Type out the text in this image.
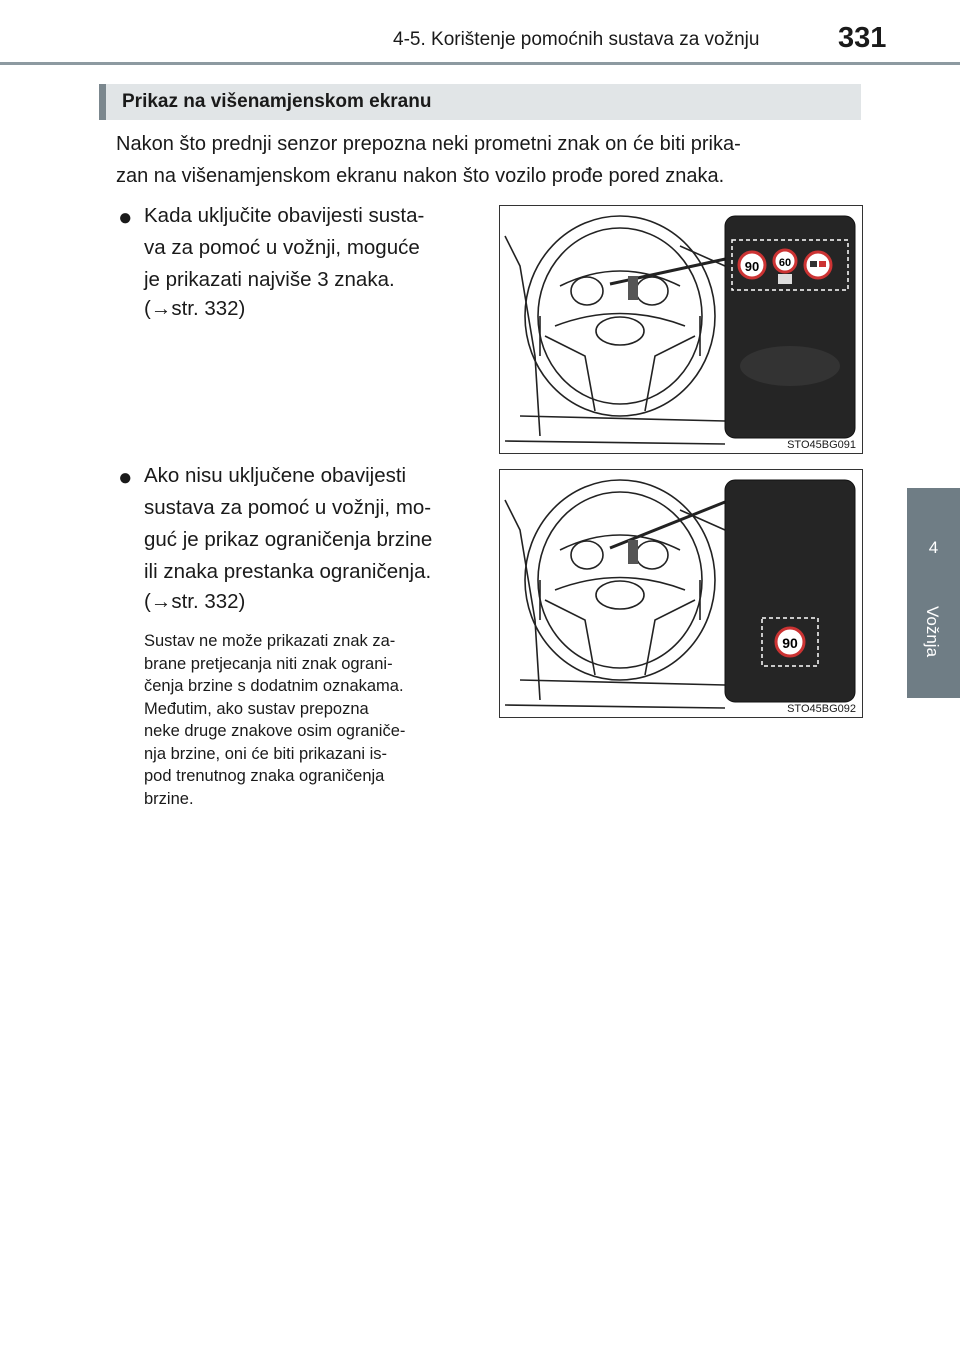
4-5. Korištenje pomoćnih sustava za vožnju	331
4
Vožnja
Prikaz na višenamjenskom ekranu
Nakon što prednji senzor prepozna neki prometni znak on će biti prika-
zan na višenamjenskom ekranu nakon što vozilo prođe pored znaka.
● Kada uključite obavijesti susta-
va za pomoć u vožnji, moguće
je prikazati najviše 3 znaka.
(→str. 332)
● Ako nisu uključene obavijesti
sustava za pomoć u vožnji, mo-
guć je prikaz ograničenja brzine
ili znaka prestanka ograničenja.
(→str. 332)
Sustav ne može prikazati znak za-
brane pretjecanja niti znak ograni-
čenja brzine s dodatnim oznakama.
Međutim, ako sustav prepozna
neke druge znakove osim ograniče-
nja brzine, oni će biti prikazani is-
pod trenutnog znaka ograničenja
brzine.
90 60
STO45BG091
90
STO45BG092
